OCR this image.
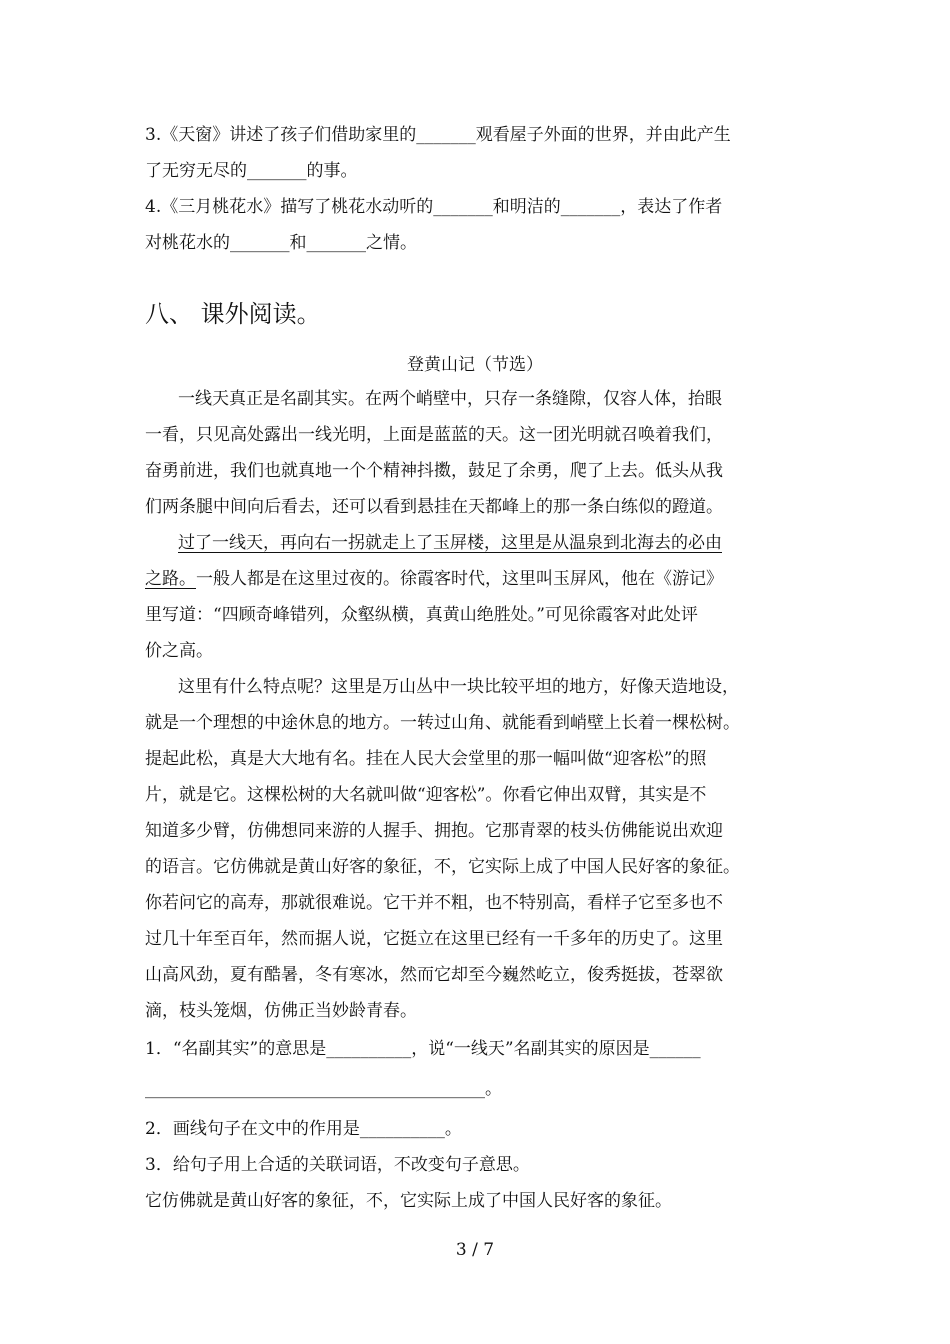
3.《天窗》讲述了孩子们借助家里的_______观看屋子外面的世界，并由此产生
了无穷无尽的_______的事。
4.《三月桃花水》描写了桃花水动听的_______和明洁的_______，表达了作者
对桃花水的_______和_______之情。
八、 课外阅读。
登黄山记（节选）
一线天真正是名副其实。在两个峭壁中，只存一条缝隙，仅容人体，抬眼
一看，只见高处露出一线光明，上面是蓝蓝的天。这一团光明就召唤着我们，
奋勇前进，我们也就真地一个个精神抖擞，鼓足了余勇，爬了上去。低头从我
们两条腿中间向后看去，还可以看到悬挂在天都峰上的那一条白练似的蹬道。
过了一线天，再向右一拐就走上了玉屏楼，这里是从温泉到北海去的必由
之路。一般人都是在这里过夜的。徐霞客时代，这里叫玉屏风，他在《游记》
里写道：“四顾奇峰错列，众壑纵横，真黄山绝胜处。”可见徐霞客对此处评
价之高。
这里有什么特点呢？这里是万山丛中一块比较平坦的地方，好像天造地设，
就是一个理想的中途休息的地方。一转过山角、就能看到峭壁上长着一棵松树。
提起此松，真是大大地有名。挂在人民大会堂里的那一幅叫做“迎客松”的照
片，就是它。这棵松树的大名就叫做“迎客松”。你看它伸出双臂，其实是不
知道多少臂，仿佛想同来游的人握手、拥抱。它那青翠的枝头仿佛能说出欢迎
的语言。它仿佛就是黄山好客的象征，不，它实际上成了中国人民好客的象征。
你若问它的高寿，那就很难说。它干并不粗，也不特别高，看样子它至多也不
过几十年至百年，然而据人说，它挺立在这里已经有一千多年的历史了。这里
山高风劲，夏有酷暑，冬有寒冰，然而它却至今巍然屹立，俊秀挺拔，苍翠欲
滴，枝头笼烟，仿佛正当妙龄青春。
1．“名副其实”的意思是__________，说“一线天”名副其实的原因是______
________________________________________。
2．画线句子在文中的作用是__________。
3．给句子用上合适的关联词语，不改变句子意思。
它仿佛就是黄山好客的象征，不，它实际上成了中国人民好客的象征。
3 / 7
